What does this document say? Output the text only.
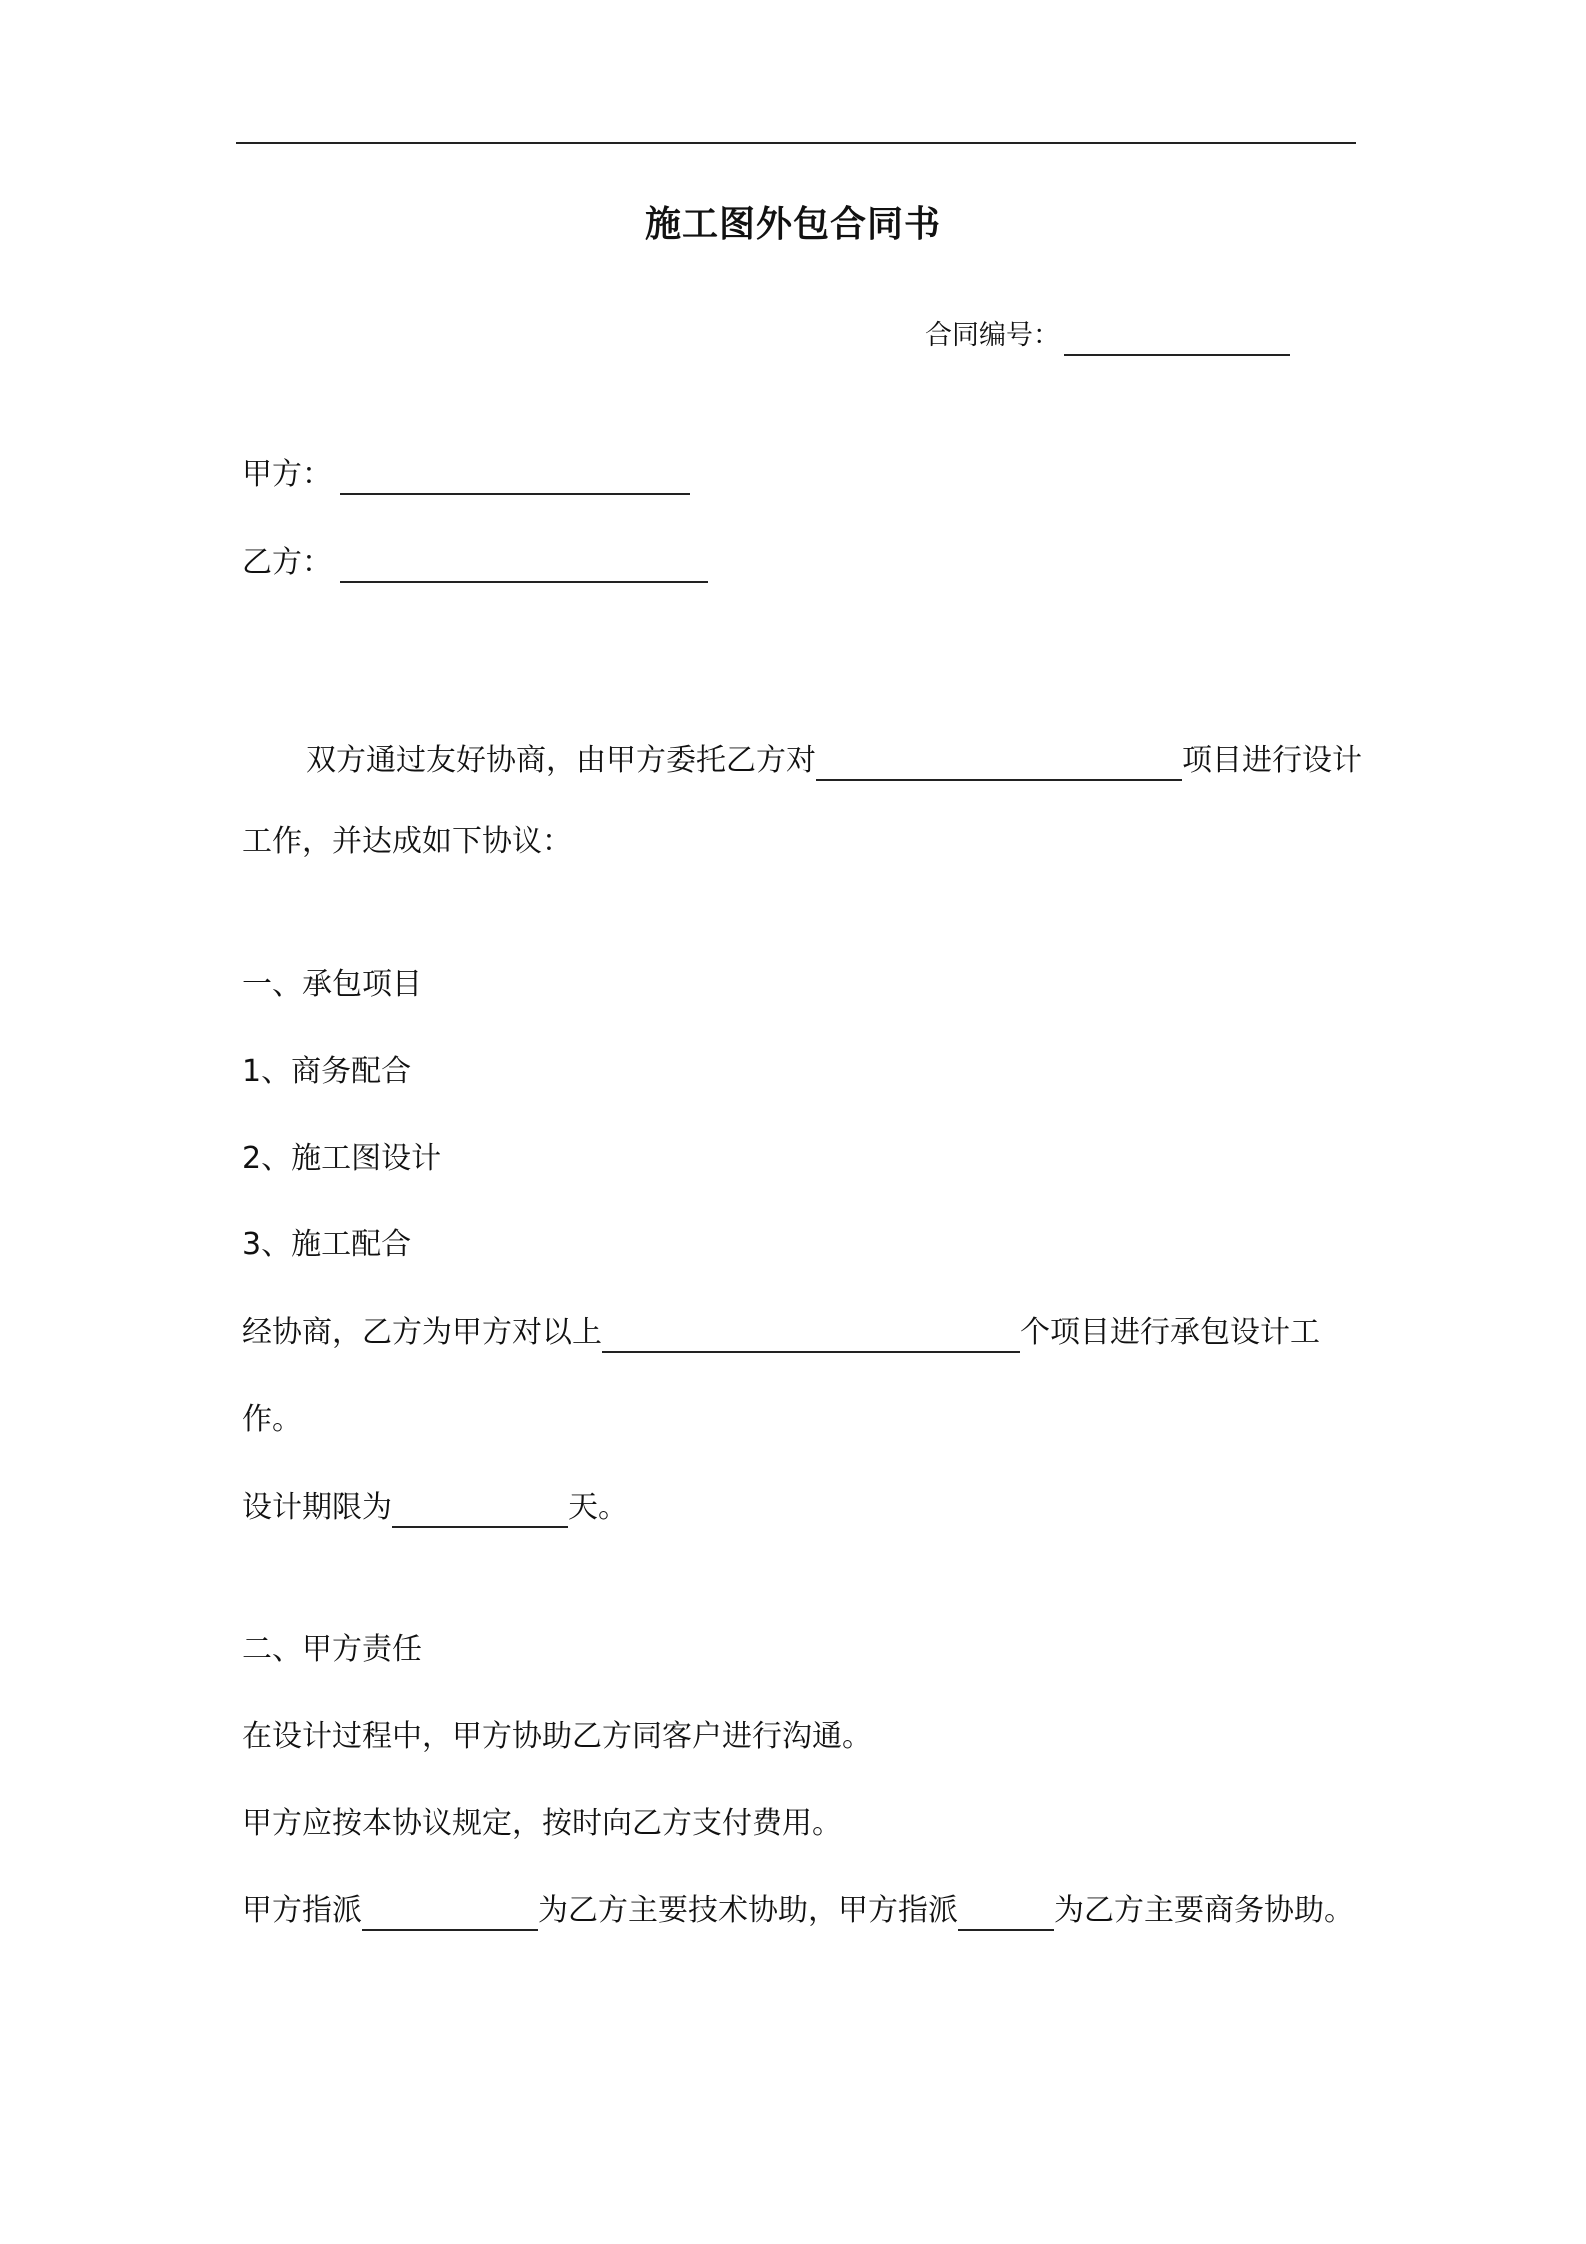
施工图外包合同书
合同编号：
甲方：
乙方：
双方通过友好协商，由甲方委托乙方对	项目进行设计
工作，并达成如下协议：
一、承包项目
1、商务配合
2、施工图设计
3、施工配合
经协商，乙方为甲方对以上	个项目进行承包设计工
作。
设计期限为	天。
二、甲方责任
在设计过程中，甲方协助乙方同客户进行沟通。
甲方应按本协议规定，按时向乙方支付费用。
甲方指派	为乙方主要技术协助，甲方指派	为乙方主要商务协助。
